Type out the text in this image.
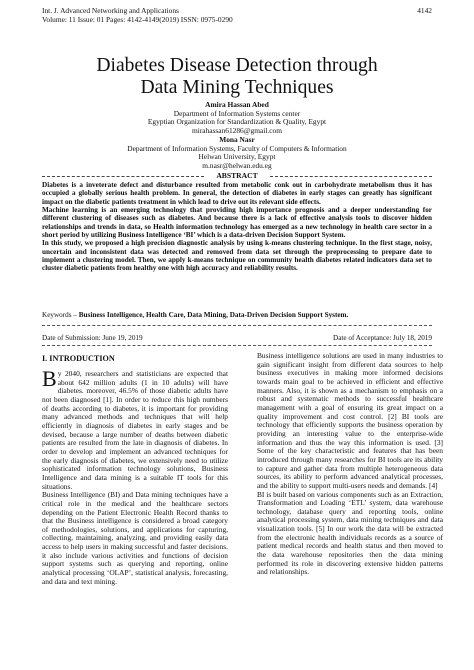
Int. J. Advanced Networking and Applications
Volume: 11 Issue: 01 Pages: 4142-4149(2019) ISSN: 0975-0290
4142
Diabetes Disease Detection through
Data Mining Techniques
Amira Hassan Abed
Department of Information Systems center
Egyptian Organization for Standardization & Quality, Egypt
mirahassan61286@gmail.com
Mona Nasr
Department of Information Systems, Faculty of Computers & Information
Helwan University, Egypt
m.nasr@helwan.edu.eg
ABSTRACT

Diabetes is a inveterate defect and disturbance resulted from metabolic conk out in carbohydrate metabolism thus it has occupied a globally serious health problem. In general, the detection of diabetes in early stages can greatly has significant impact on the diabetic patients treatment in which lead to drive out its relevant side effects.

Machine learning is an emerging technology that providing high importance prognosis and a deeper understanding for different clustering of diseases such as diabetes. And because there is a lack of effective analysis tools to discover hidden relationships and trends in data, so Health information technology has emerged as a new technology in health care sector in a short period by utilizing Business Intelligence ‘BI’ which is a data-driven Decision Support System.

In this study, we proposed a high precision diagnostic analysis by using k-means clustering technique. In the first stage, noisy, uncertain and inconsistent data was detected and removed from data set through the preprocessing to prepare date to implement a clustering model. Then, we apply k-means technique on community health diabetes related indicators data set to cluster diabetic patients from healthy one with high accuracy and reliability results.

Keywords – Business Intelligence, Health Care, Data Mining, Data-Driven Decision Support System.
Date of Submission: June 19, 2019	Date of Acceptance: July 18, 2019
I. INTRODUCTION

By 2040, researchers and statisticians are expected that about 642 million adults (1 in 10 adults) will have diabetes. moreover, 46.5% of those diabetic adults have not been diagnosed [1]. In order to reduce this high numbers of deaths according to diabetes, it is important for providing many advanced methods and techniques that will help efficiently in diagnosis of diabetes in early stages and be devised, because a large number of deaths between diabetic patients are resulted from the late in diagnosis of diabetes. In order to develop and implement an advanced techniques for the early diagnosis of diabetes, we extensively need to utilize sophisticated information technology solutions, Business Intelligence and data mining is a suitable IT tools for this situations.

Business Intelligence (BI) and Data mining techniques have a critical role in the medical and the healthcare sectors depending on the Patient Electronic Health Record thanks to that the Business intelligence is considered a broad category of methodologies, solutions, and applications for capturing, collecting, maintaining, analyzing, and providing easily data access to help users in making successful and faster decisions. it also include various activities and functions of decision support systems such as querying and reporting, online analytical processing ‘OLAP’, statistical analysis, forecasting, and data and text mining.

Business intelligence solutions are used in many industries to gain significant insight from different data sources to help business executives in making more informed decisions towards main goal to be achieved in efficient and effective manners. Also, it is shown as a mechanism to emphasis on a robust and systematic methods to successful healthcare management with a goal of ensuring its great impact on a quality improvement and cost control. [2] BI tools are technology that efficiently supports the business operation by providing an interesting value to the enterprise-wide information and thus the way this information is used. [3] Some of the key characteristic and features that has been introduced through many researches for BI tools are its ability to capture and gather data from multiple heterogeneous data sources, its ability to perform advanced analytical processes, and the ability to support multi-users needs and demands. [4]

BI is built based on various components such as an Extraction, Transformation and Loading ‘ETL’ system, data warehouse technology, database query and reporting tools, online analytical processing system, data mining techniques and data visualization tools. [5] In our work the data will be extracted from the electronic health individuals records as a source of patient medical records and health status and then moved to the data warehouse repositories then the data mining performed its role in discovering extensive hidden patterns and relationships.
